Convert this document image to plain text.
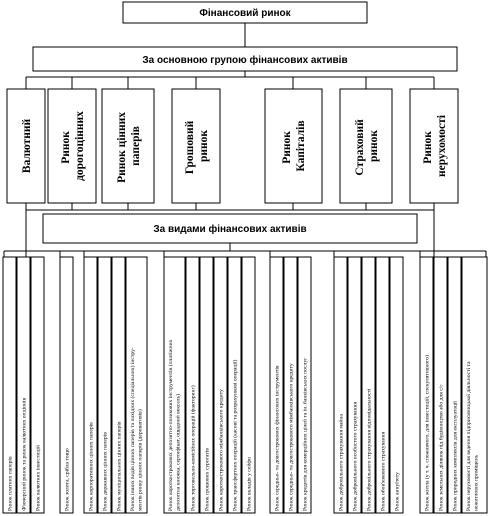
Фінансовий ринок
За основною групою фінансових активів
Валютний Ринок дорогоцінних	Ринок цінних паперів	Грошовий ринок	Ринок Капіталів	Страховий ринок	Ринок нерухомості
За видами фінансових активів
Ринок платних паперів Ф'ючерсний ринок та ринок валютних опціонів Ринок валютних інвестицій	Ринок золота, срібла тощо	Ринок корпоративних цінних паперів Ринок державних цінних паперів Ринок муніципальних цінних паперів Ринок інших видів цінних паперів та похідних (спеціальних) інстру- ментів ринку цінних паперів (деривативів)	Ринок короткострокових депозитно-позикових інструментів (платіжних депозитна книжка, сертифікат, ощадний вексель) Ринок торговельно-комісійних операцій (факторинг) Ринок грошових сурогатів Ринок короткострокового міжбанківського кредиту Ринок трансфертних операцій (касові та розрахункові операції) Ринок вкладів у сейфи	Ринок середньо- та довгострокових фінансових інструментів Ринок середньо- та довгострокового міжбанківського кредиту Ринок кредитів для комерційних цілей та ін. банківських послуг	Ринок добровільного страхування майна Ринок добровільного особистого страхування Ринок добровільного страхування відповідальності Ринок обов'язкового страхування Ринок аннуїтету	Ринок житла (у т. ч. споживчого, для інвестицій, спекулятивного) Ринок земельних ділянок під будівництво або для с/г Ринок природних комплексів для експлуатації Ринок нерухомості для ведення підприємницької діяльності та нежитлових приміщень
